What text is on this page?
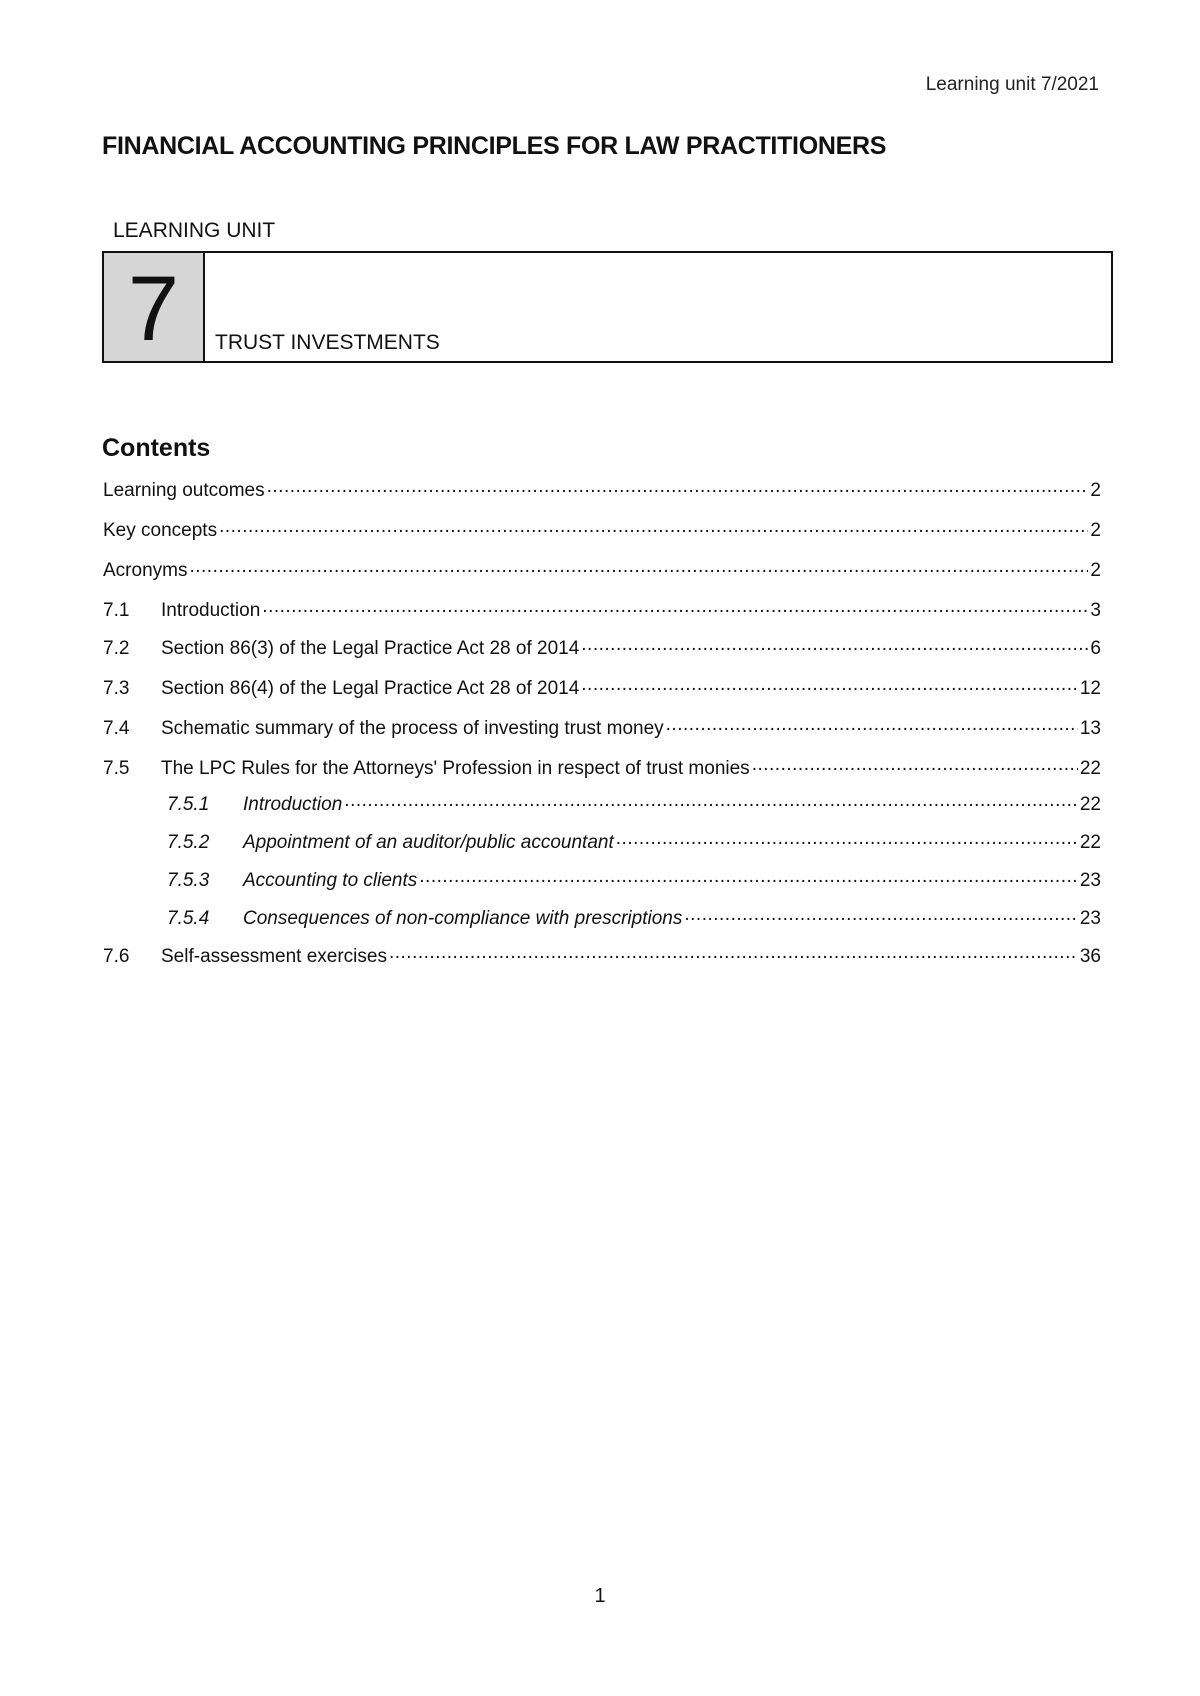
Learning unit 7/2021
FINANCIAL ACCOUNTING PRINCIPLES FOR LAW PRACTITIONERS
LEARNING UNIT
7 TRUST INVESTMENTS
Contents
Learning outcomes .....	2
Key concepts .....	2
Acronyms .....	2
7.1	Introduction .....	3
7.2	Section 86(3) of the Legal Practice Act 28 of 2014 .....	6
7.3	Section 86(4) of the Legal Practice Act 28 of 2014 .....	12
7.4	Schematic summary of the process of investing trust money .....	13
7.5	The LPC Rules for the Attorneys' Profession in respect of trust monies .....	22
7.5.1	Introduction .....	22
7.5.2	Appointment of an auditor/public accountant .....	22
7.5.3	Accounting to clients .....	23
7.5.4	Consequences of non-compliance with prescriptions .....	23
7.6	Self-assessment exercises .....	36
1
